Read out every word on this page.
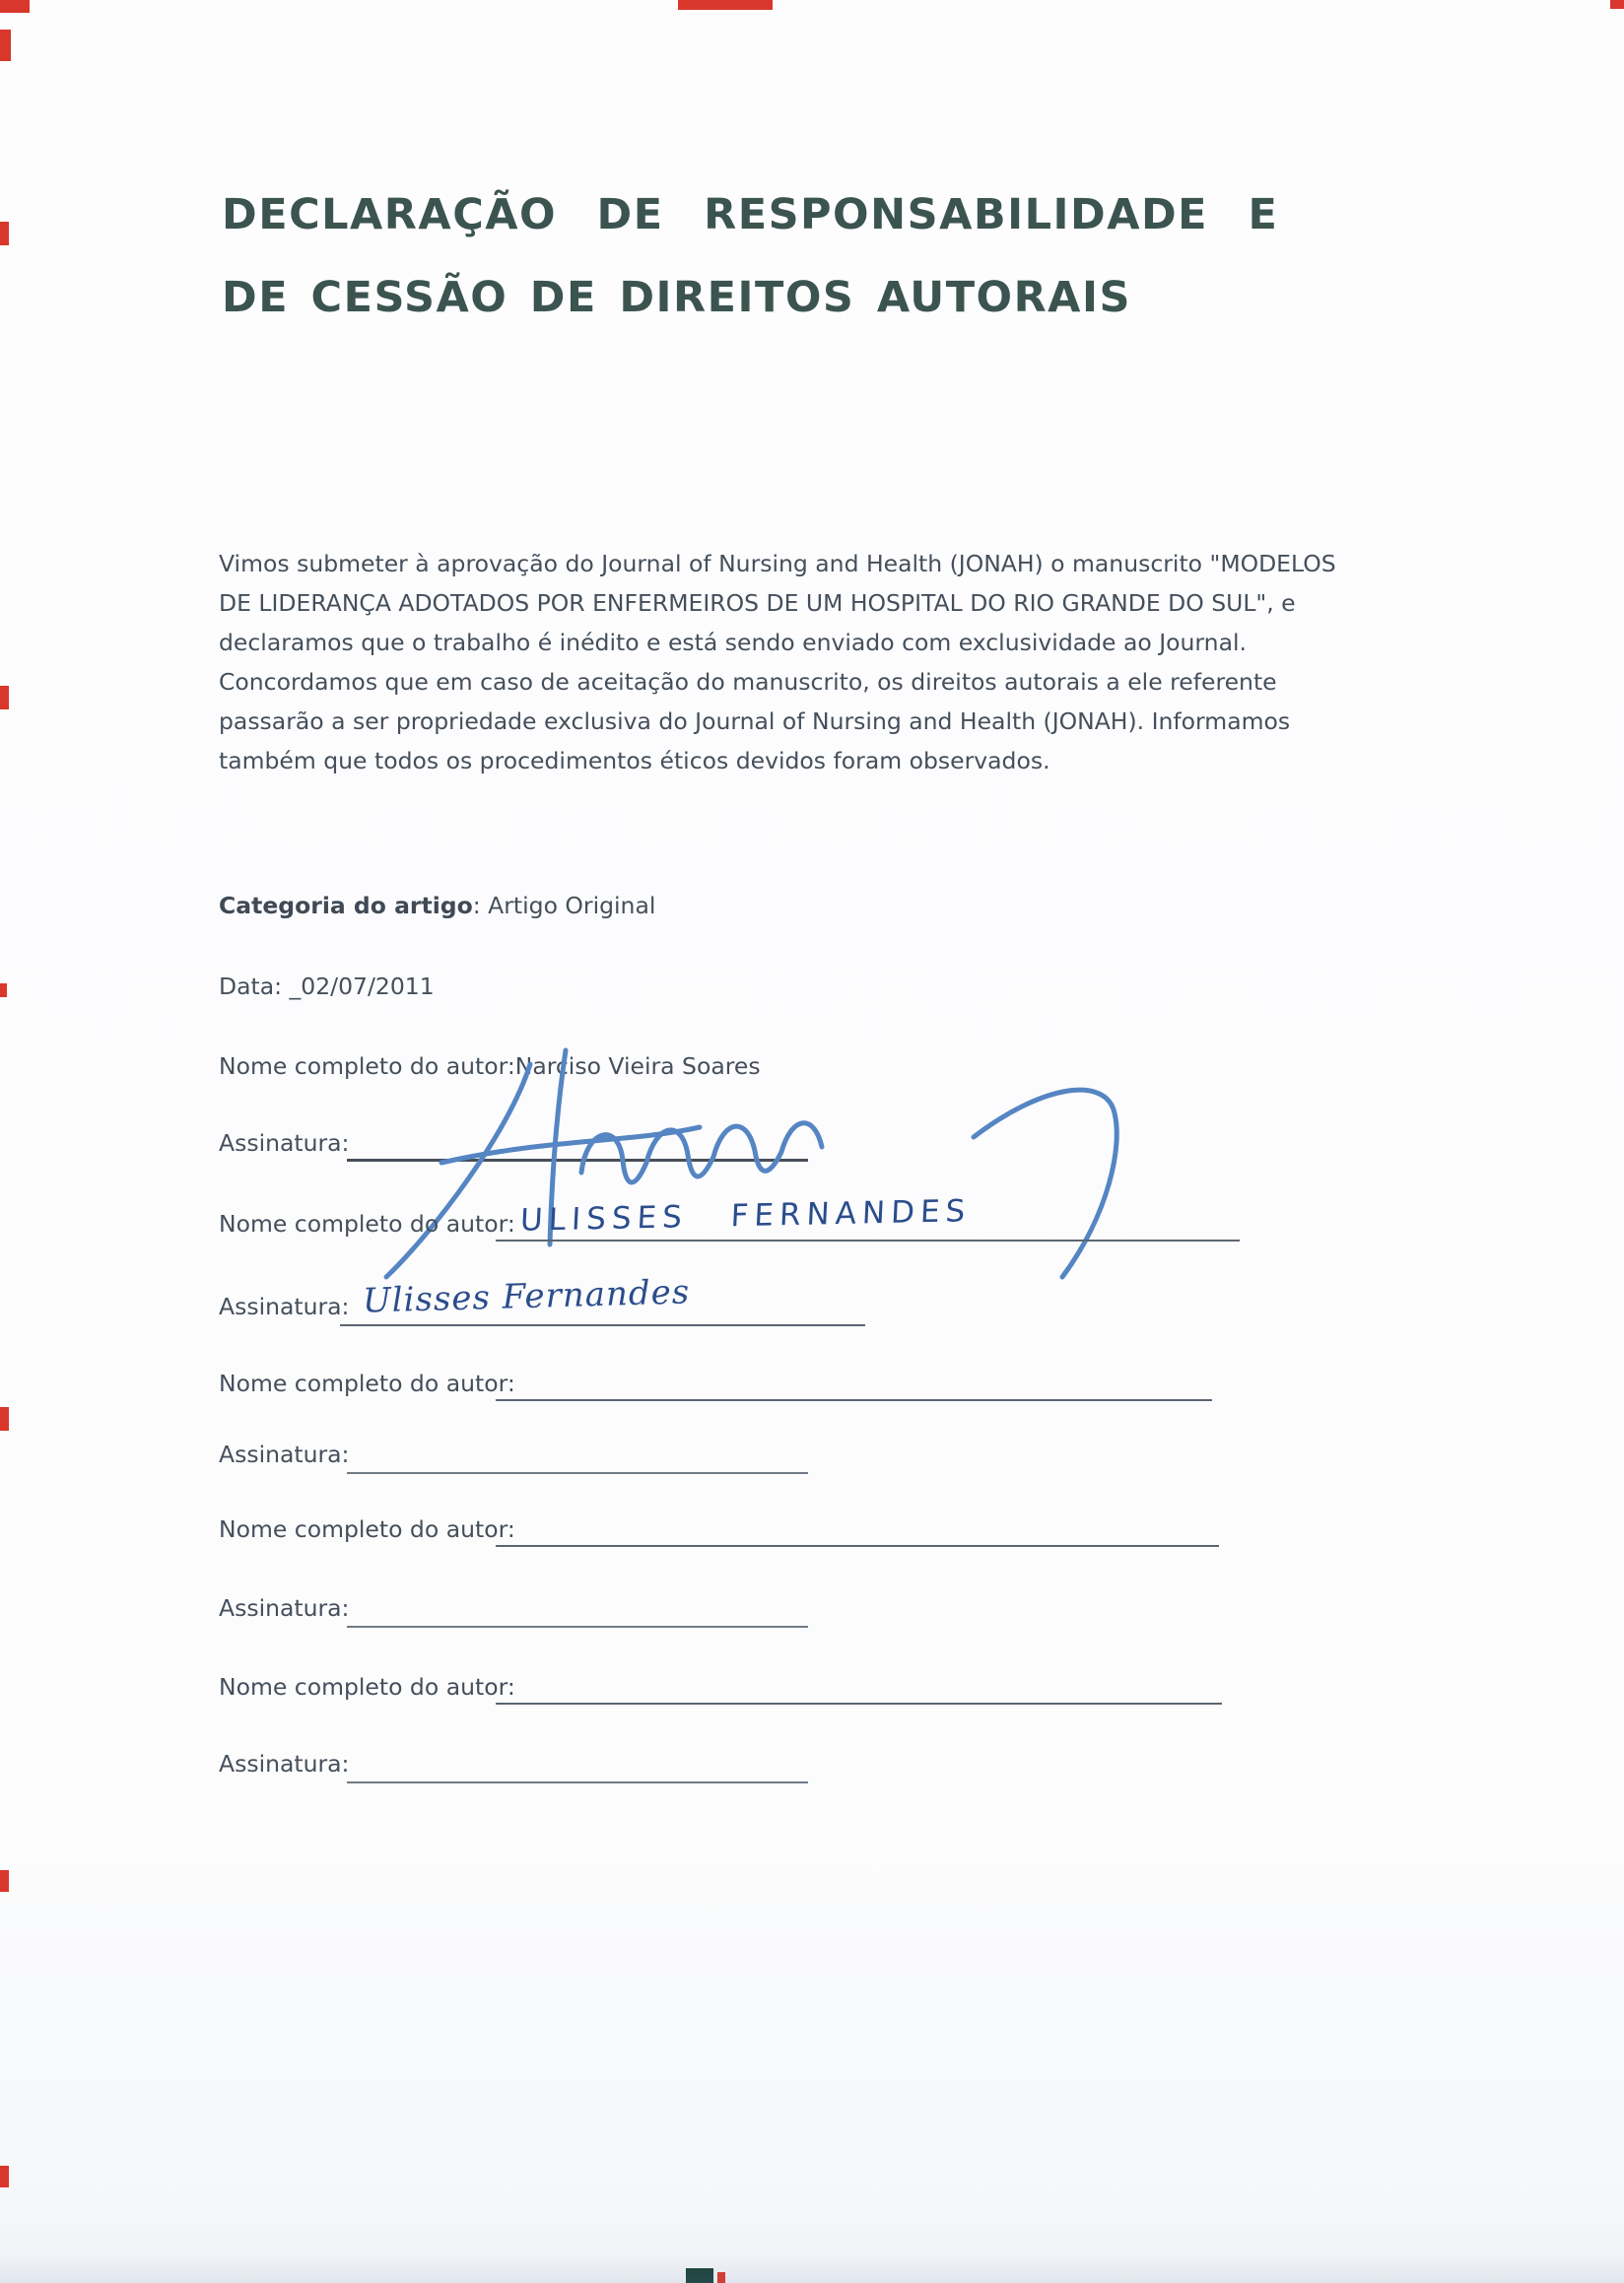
DECLARAÇÃO DE RESPONSABILIDADE E
DE CESSÃO DE DIREITOS AUTORAIS
Vimos submeter à aprovação do Journal of Nursing and Health (JONAH) o manuscrito "MODELOS
DE LIDERANÇA ADOTADOS POR ENFERMEIROS DE UM HOSPITAL DO RIO GRANDE DO SUL", e
declaramos que o trabalho é inédito e está sendo enviado com exclusividade ao Journal.
Concordamos que em caso de aceitação do manuscrito, os direitos autorais a ele referente
passarão a ser propriedade exclusiva do Journal of Nursing and Health (JONAH). Informamos
também que todos os procedimentos éticos devidos foram observados.
Categoria do artigo: Artigo Original
Data: _02/07/2011
Nome completo do autor:Narciso Vieira Soares
Assinatura:
Nome completo do autor: ULISSES FERNANDES
Assinatura: Ulisses Fernandes
Nome completo do autor:
Assinatura:
Nome completo do autor:
Assinatura:
Nome completo do autor:
Assinatura:
